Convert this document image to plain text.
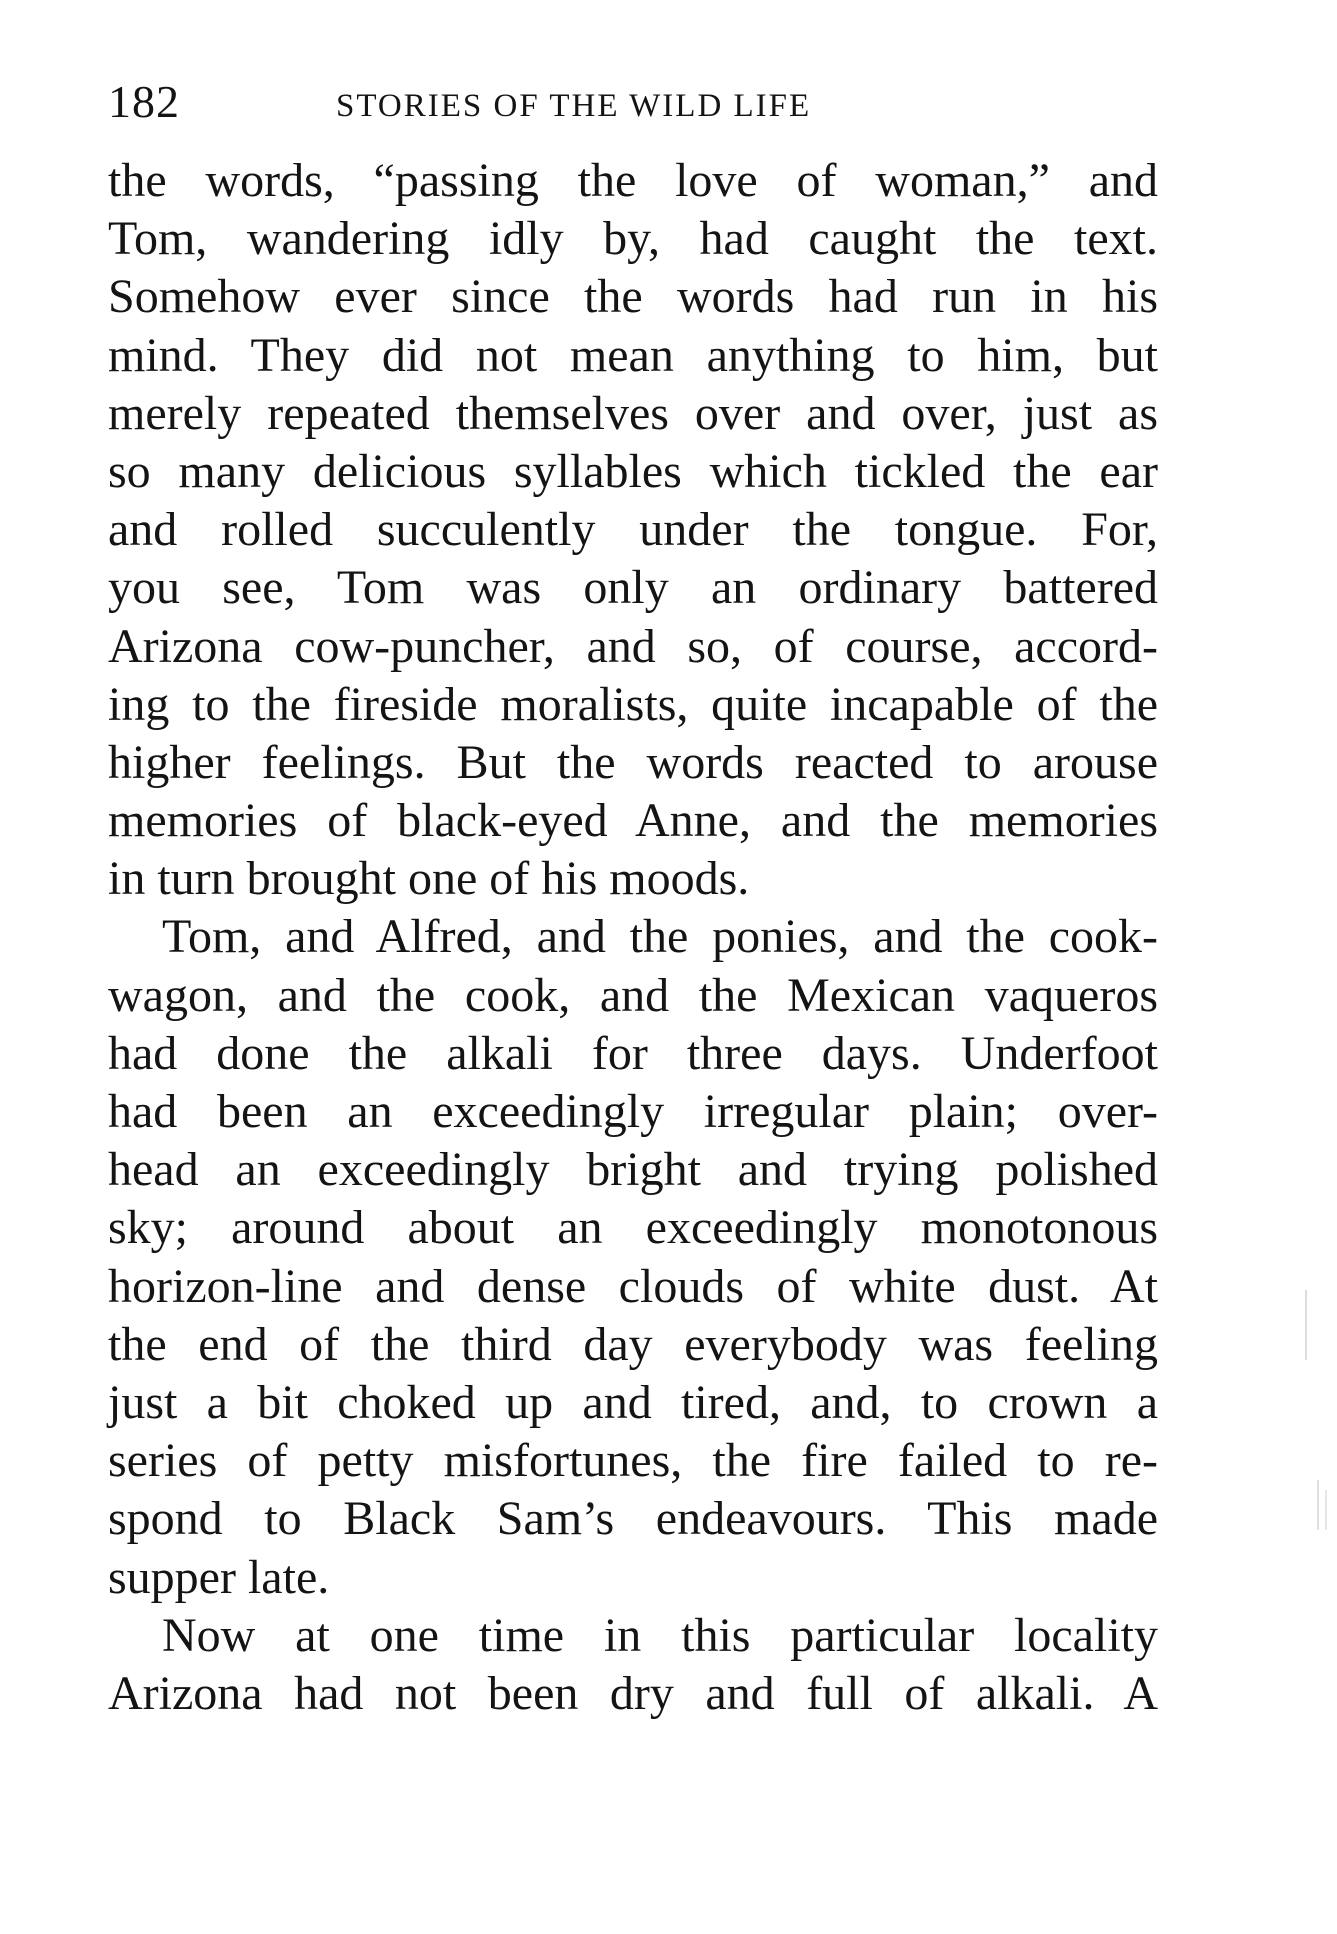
182	STORIES OF THE WILD LIFE
the words, “passing the love of woman,” and
Tom, wandering idly by, had caught the text.
Somehow ever since the words had run in his
mind. They did not mean anything to him, but
merely repeated themselves over and over, just as
so many delicious syllables which tickled the ear
and rolled succulently under the tongue. For,
you see, Tom was only an ordinary battered
Arizona cow-puncher, and so, of course, accord-
ing to the fireside moralists, quite incapable of the
higher feelings. But the words reacted to arouse
memories of black-eyed Anne, and the memories
in turn brought one of his moods.
Tom, and Alfred, and the ponies, and the cook-
wagon, and the cook, and the Mexican vaqueros
had done the alkali for three days. Underfoot
had been an exceedingly irregular plain; over-
head an exceedingly bright and trying polished
sky; around about an exceedingly monotonous
horizon-line and dense clouds of white dust. At
the end of the third day everybody was feeling
just a bit choked up and tired, and, to crown a
series of petty misfortunes, the fire failed to re-
spond to Black Sam’s endeavours. This made
supper late.
Now at one time in this particular locality
Arizona had not been dry and full of alkali. A
